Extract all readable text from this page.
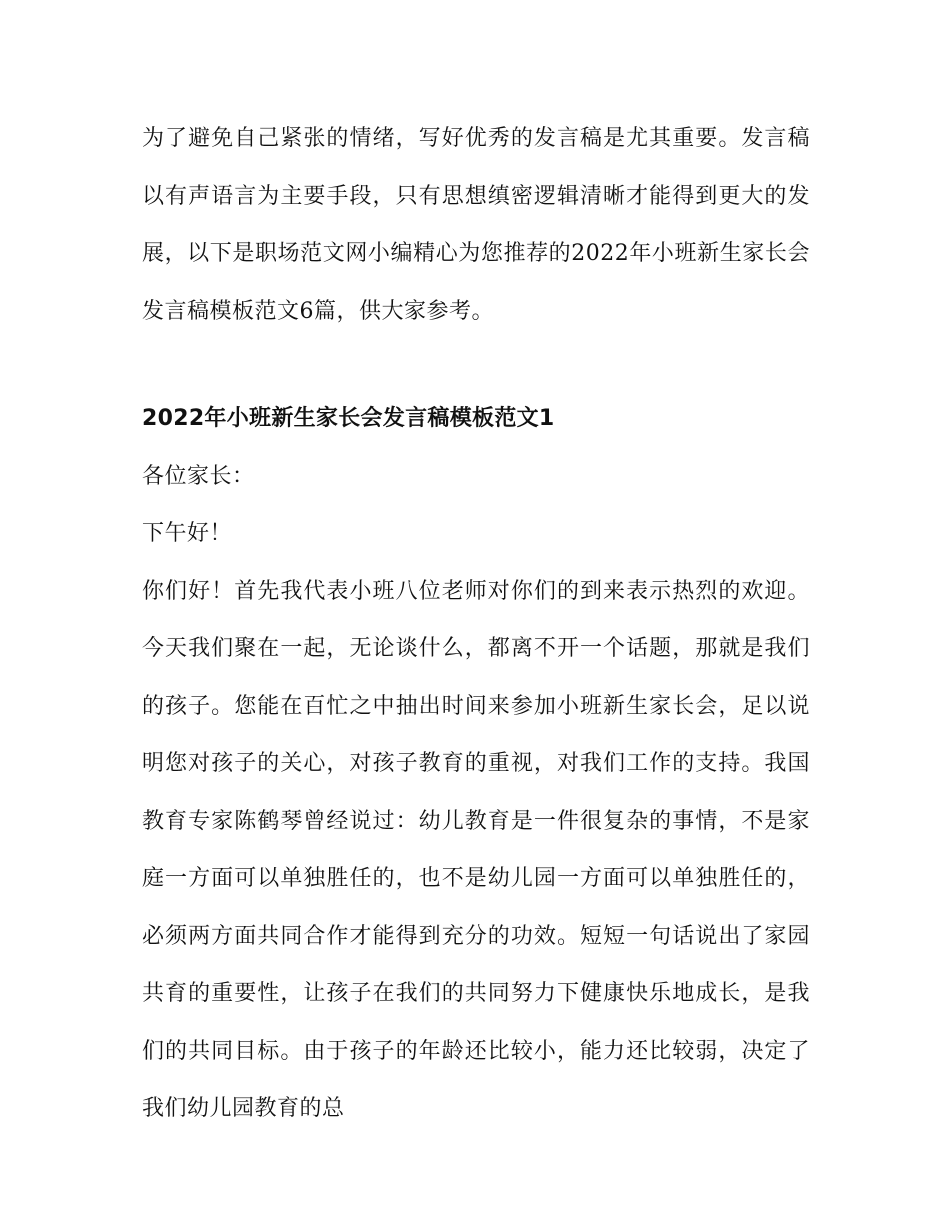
为了避免自己紧张的情绪，写好优秀的发言稿是尤其重要。发言稿以有声语言为主要手段，只有思想缜密逻辑清晰才能得到更大的发展，以下是职场范文网小编精心为您推荐的2022年小班新生家长会发言稿模板范文6篇，供大家参考。

2022年小班新生家长会发言稿模板范文1

各位家长：

下午好！

你们好！首先我代表小班八位老师对你们的到来表示热烈的欢迎。今天我们聚在一起，无论谈什么，都离不开一个话题，那就是我们的孩子。您能在百忙之中抽出时间来参加小班新生家长会，足以说明您对孩子的关心，对孩子教育的重视，对我们工作的支持。我国教育专家陈鹤琴曾经说过：幼儿教育是一件很复杂的事情，不是家庭一方面可以单独胜任的，也不是幼儿园一方面可以单独胜任的，必须两方面共同合作才能得到充分的功效。短短一句话说出了家园共育的重要性，让孩子在我们的共同努力下健康快乐地成长，是我们的共同目标。由于孩子的年龄还比较小，能力还比较弱，决定了我们幼儿园教育的总
